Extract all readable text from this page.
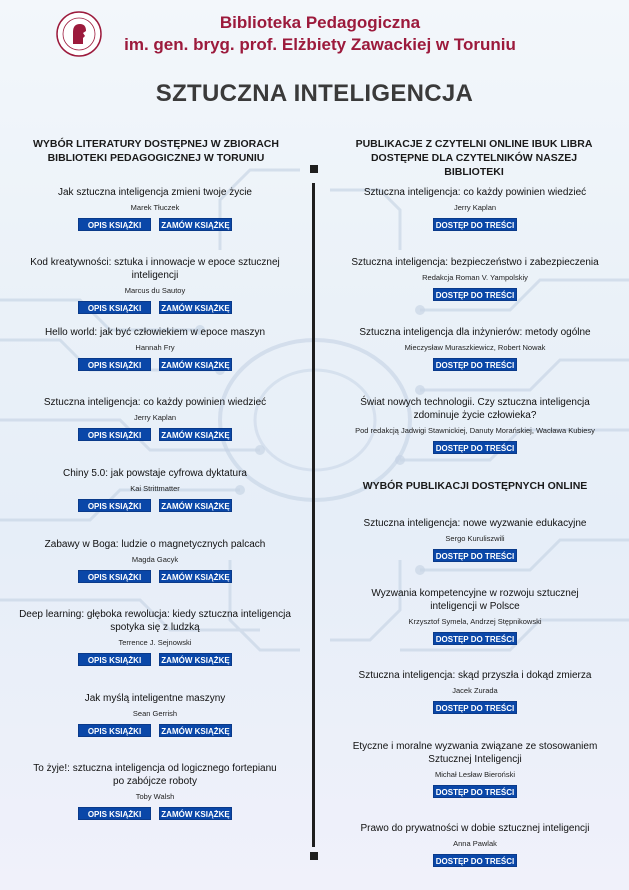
Biblioteka Pedagogiczna
im. gen. bryg. prof. Elżbiety Zawackiej w Toruniu
SZTUCZNA INTELIGENCJA
WYBÓR LITERATURY DOSTĘPNEJ W ZBIORACH
BIBLIOTEKI PEDAGOGICZNEJ W TORUNIU
PUBLIKACJE Z CZYTELNI ONLINE IBUK LIBRA
DOSTĘPNE DLA CZYTELNIKÓW NASZEJ BIBLIOTEKI
Jak sztuczna inteligencja zmieni twoje życie
Marek Tłuczek
OPIS KSIĄŻKI	ZAMÓW KSIĄŻKĘ
Kod kreatywności: sztuka i innowacje w epoce sztucznej inteligencji
Marcus du Sautoy
OPIS KSIĄŻKI	ZAMÓW KSIĄŻKĘ
Hello world: jak być człowiekiem w epoce maszyn
Hannah Fry
OPIS KSIĄŻKI	ZAMÓW KSIĄŻKĘ
Sztuczna inteligencja: co każdy powinien wiedzieć
Jerry Kaplan
OPIS KSIĄŻKI	ZAMÓW KSIĄŻKĘ
Chiny 5.0: jak powstaje cyfrowa dyktatura
Kai Strittmatter
OPIS KSIĄŻKI	ZAMÓW KSIĄŻKĘ
Zabawy w Boga: ludzie o magnetycznych palcach
Magda Gacyk
OPIS KSIĄŻKI	ZAMÓW KSIĄŻKĘ
Deep learning: głęboka rewolucja: kiedy sztuczna inteligencja
spotyka się z ludzką
Terrence J. Sejnowski
OPIS KSIĄŻKI	ZAMÓW KSIĄŻKĘ
Jak myślą inteligentne maszyny
Sean Gerrish
OPIS KSIĄŻKI	ZAMÓW KSIĄŻKĘ
To żyje!: sztuczna inteligencja od logicznego fortepianu
po zabójcze roboty
Toby Walsh
OPIS KSIĄŻKI	ZAMÓW KSIĄŻKĘ
Sztuczna inteligencja: co każdy powinien wiedzieć
Jerry Kaplan
DOSTĘP DO TREŚCI
Sztuczna inteligencja: bezpieczeństwo i zabezpieczenia
Redakcja Roman V. Yampolskiy
DOSTĘP DO TREŚCI
Sztuczna inteligencja dla inżynierów: metody ogólne
Mieczysław Muraszkiewicz, Robert Nowak
DOSTĘP DO TREŚCI
Świat nowych technologii. Czy sztuczna inteligencja
zdominuje życie człowieka?
Pod redakcją Jadwigi Stawnickiej, Danuty Morańskiej, Wacława Kubiesy
DOSTĘP DO TREŚCI
WYBÓR PUBLIKACJI DOSTĘPNYCH ONLINE
Sztuczna inteligencja: nowe wyzwanie edukacyjne
Sergo Kuruliszwili
DOSTĘP DO TREŚCI
Wyzwania kompetencyjne w rozwoju sztucznej
inteligencji w Polsce
Krzysztof Symela, Andrzej Stępnikowski
DOSTĘP DO TREŚCI
Sztuczna inteligencja: skąd przyszła i dokąd zmierza
Jacek Zurada
DOSTĘP DO TREŚCI
Etyczne i moralne wyzwania związane ze stosowaniem
Sztucznej Inteligencji
Michał Lesław Bieroński
DOSTĘP DO TREŚCI
Prawo do prywatności w dobie sztucznej inteligencji
Anna Pawlak
DOSTĘP DO TREŚCI
